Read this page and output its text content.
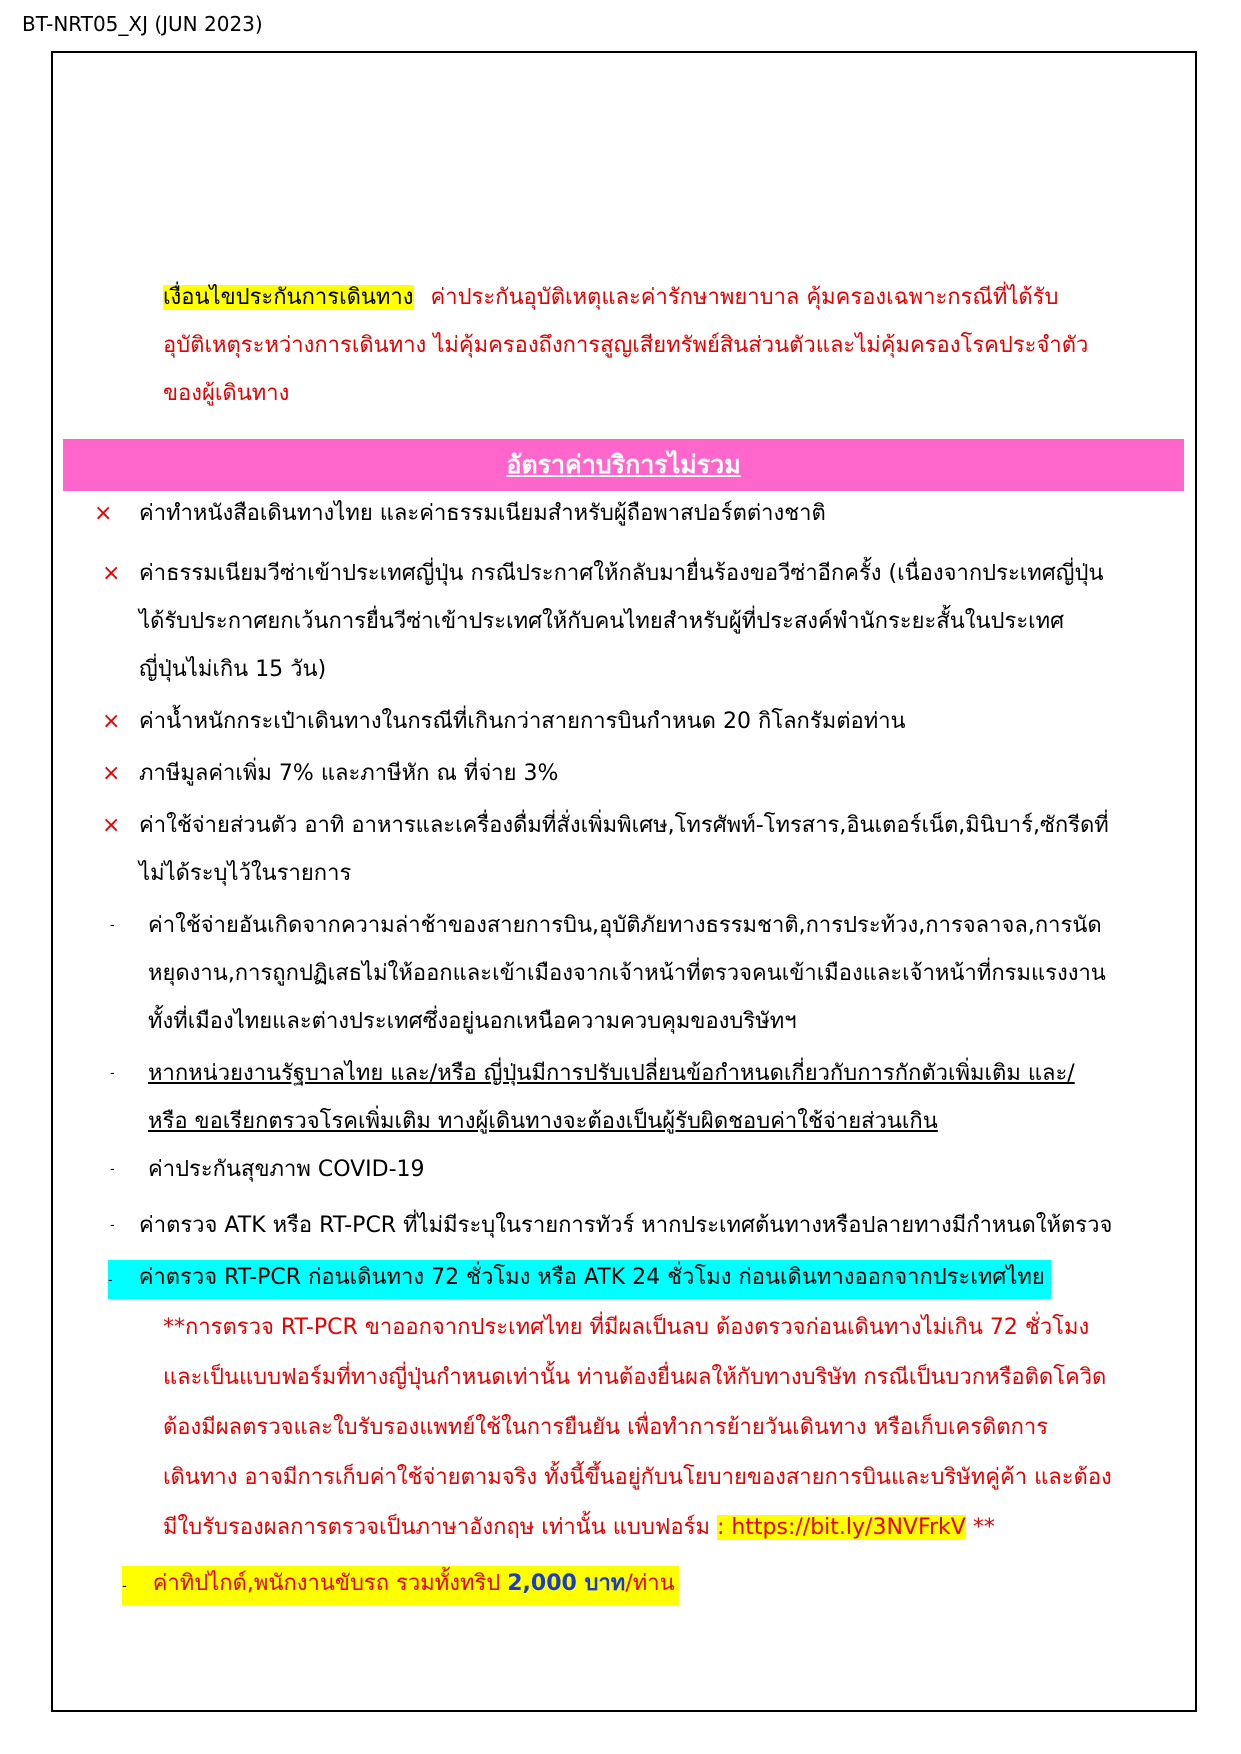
BT-NRT05_XJ (JUN 2023)
เงื่อนไขประกันการเดินทาง ค่าประกันอุบัติเหตุและค่ารักษาพยาบาล คุ้มครองเฉพาะกรณีที่ได้รับ
อุบัติเหตุระหว่างการเดินทาง ไม่คุ้มครองถึงการสูญเสียทรัพย์สินส่วนตัวและไม่คุ้มครองโรคประจำตัว
ของผู้เดินทาง
อัตราค่าบริการไม่รวม
× ค่าทำหนังสือเดินทางไทย และค่าธรรมเนียมสำหรับผู้ถือพาสปอร์ตต่างชาติ
× ค่าธรรมเนียมวีซ่าเข้าประเทศญี่ปุ่น กรณีประกาศให้กลับมายื่นร้องขอวีซ่าอีกครั้ง (เนื่องจากประเทศญี่ปุ่น
ได้รับประกาศยกเว้นการยื่นวีซ่าเข้าประเทศให้กับคนไทยสำหรับผู้ที่ประสงค์พำนักระยะสั้นในประเทศ
ญี่ปุ่นไม่เกิน 15 วัน)
× ค่าน้ำหนักกระเป๋าเดินทางในกรณีที่เกินกว่าสายการบินกำหนด 20 กิโลกรัมต่อท่าน
× ภาษีมูลค่าเพิ่ม 7% และภาษีหัก ณ ที่จ่าย 3%
× ค่าใช้จ่ายส่วนตัว อาทิ อาหารและเครื่องดื่มที่สั่งเพิ่มพิเศษ,โทรศัพท์-โทรสาร,อินเตอร์เน็ต,มินิบาร์,ซักรีดที่
ไม่ได้ระบุไว้ในรายการ
- ค่าใช้จ่ายอันเกิดจากความล่าช้าของสายการบิน,อุบัติภัยทางธรรมชาติ,การประท้วง,การจลาจล,การนัด
หยุดงาน,การถูกปฏิเสธไม่ให้ออกและเข้าเมืองจากเจ้าหน้าที่ตรวจคนเข้าเมืองและเจ้าหน้าที่กรมแรงงาน
ทั้งที่เมืองไทยและต่างประเทศซึ่งอยู่นอกเหนือความควบคุมของบริษัทฯ
- หากหน่วยงานรัฐบาลไทย และ/หรือ ญี่ปุ่นมีการปรับเปลี่ยนข้อกำหนดเกี่ยวกับการกักตัวเพิ่มเติม และ/
หรือ ขอเรียกตรวจโรคเพิ่มเติม ทางผู้เดินทางจะต้องเป็นผู้รับผิดชอบค่าใช้จ่ายส่วนเกิน
- ค่าประกันสุขภาพ COVID-19
- ค่าตรวจ ATK หรือ RT-PCR ที่ไม่มีระบุในรายการทัวร์ หากประเทศต้นทางหรือปลายทางมีกำหนดให้ตรวจ
- ค่าตรวจ RT-PCR ก่อนเดินทาง 72 ชั่วโมง หรือ ATK 24 ชั่วโมง ก่อนเดินทางออกจากประเทศไทย
**การตรวจ RT-PCR ขาออกจากประเทศไทย ที่มีผลเป็นลบ ต้องตรวจก่อนเดินทางไม่เกิน 72 ชั่วโมง
และเป็นแบบฟอร์มที่ทางญี่ปุ่นกำหนดเท่านั้น ท่านต้องยื่นผลให้กับทางบริษัท กรณีเป็นบวกหรือติดโควิด
ต้องมีผลตรวจและใบรับรองแพทย์ใช้ในการยืนยัน เพื่อทำการย้ายวันเดินทาง หรือเก็บเครดิตการ
เดินทาง อาจมีการเก็บค่าใช้จ่ายตามจริง ทั้งนี้ขึ้นอยู่กับนโยบายของสายการบินและบริษัทคู่ค้า และต้อง
มีใบรับรองผลการตรวจเป็นภาษาอังกฤษ เท่านั้น แบบฟอร์ม : https://bit.ly/3NVFrkV **
- ค่าทิปไกด์,พนักงานขับรถ รวมทั้งทริป 2,000 บาท/ท่าน
